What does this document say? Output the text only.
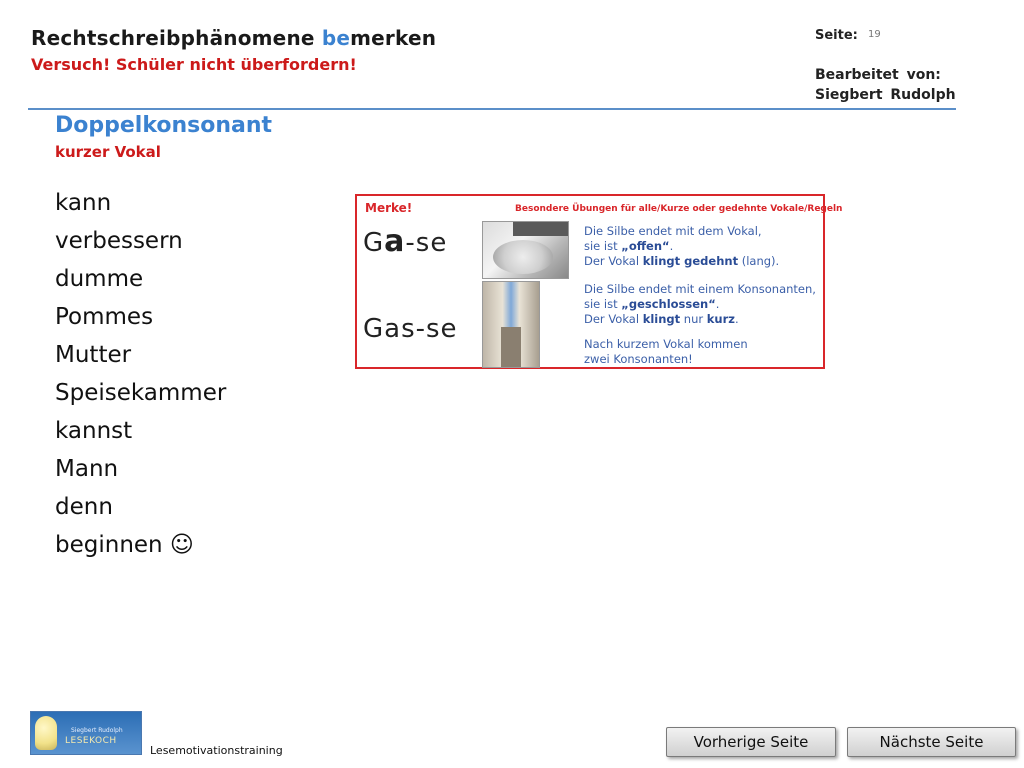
Rechtschreibphänomene bemerken
Versuch! Schüler nicht überfordern!
Seite: 19
Bearbeitet von:
Siegbert Rudolph
Doppelkonsonant
kurzer Vokal
kann
verbessern
dumme
Pommes
Mutter
Speisekammer
kannst
Mann
denn
beginnen ☺
Merke!	Besondere Übungen für alle/Kurze oder gedehnte Vokale/Regeln
Ga-se
Gas-se
Die Silbe endet mit dem Vokal,
sie ist „offen“.
Der Vokal klingt gedehnt (lang).
Die Silbe endet mit einem Konsonanten,
sie ist „geschlossen“.
Der Vokal klingt nur kurz.
Nach kurzem Vokal kommen
zwei Konsonanten!
Siegbert Rudolph
LESEKOCH
Lesemotivationstraining	Vorherige Seite	Nächste Seite
